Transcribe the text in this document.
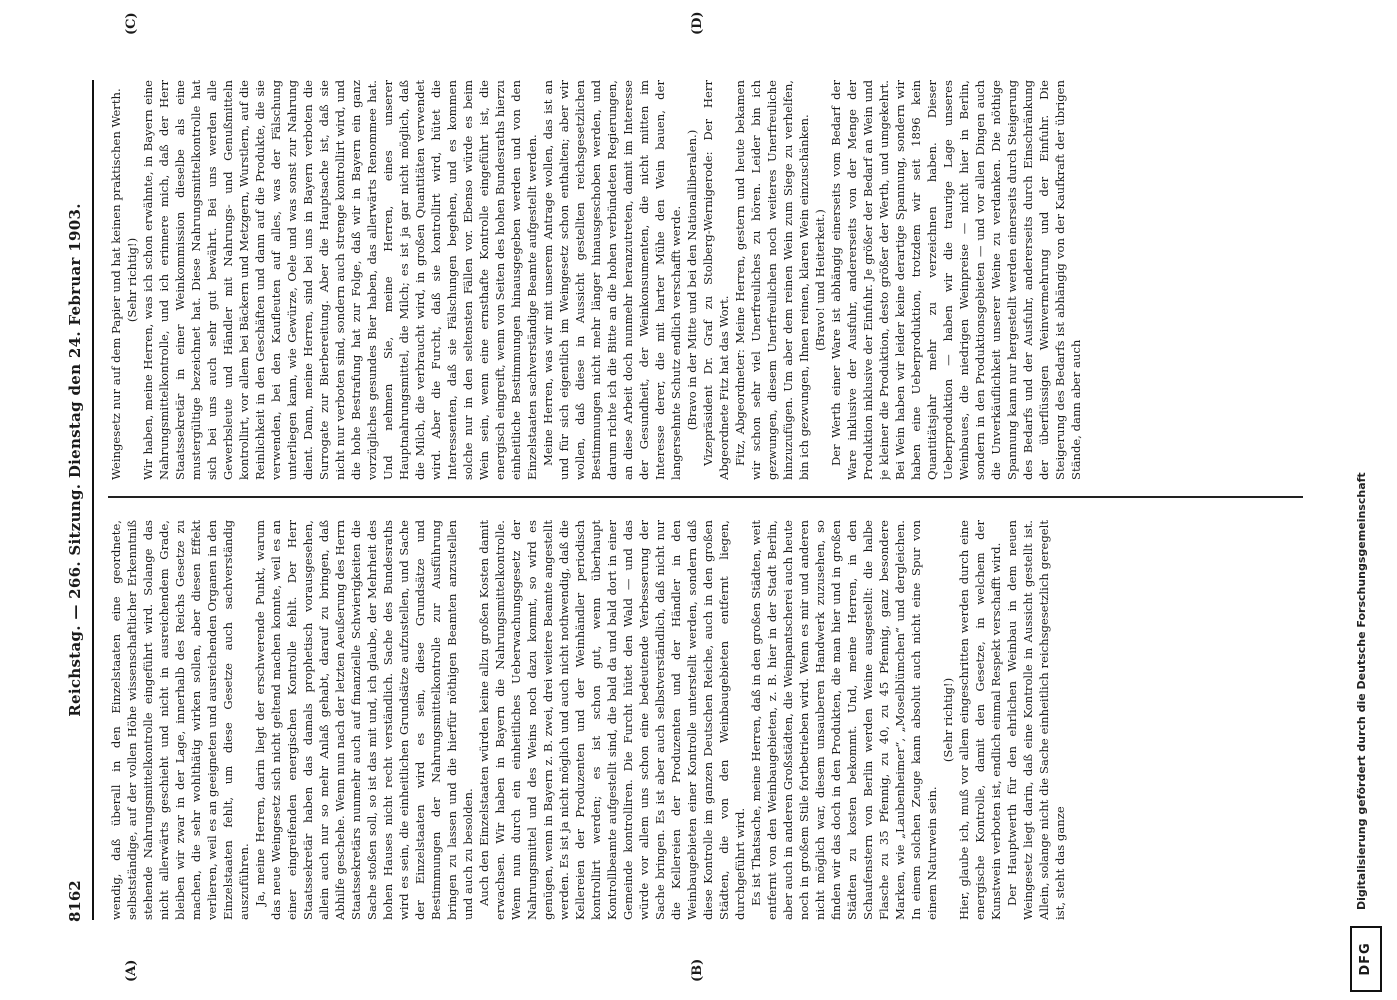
8162
Reichstag. — 266. Sitzung. Dienstag den 24. Februar 1903.
(A)	(B)
(C)	(D)

wendig, daß überall in den Einzelstaaten eine geordnete, selbstständige, auf der vollen Höhe wissenschaftlicher Erkenntniß stehende Nahrungsmittelkontrolle eingeführt wird. Solange das nicht allerwärts geschieht und nicht in ausreichendem Grade, bleiben wir zwar in der Lage, innerhalb des Reichs Gesetze zu machen, die sehr wohlthätig wirken sollen, aber diesen Effekt verlieren, weil es an geeigneten und ausreichenden Organen in den Einzelstaaten fehlt, um diese Gesetze auch sachverständig auszuführen. Ja, meine Herren, darin liegt der erschwerende Punkt, warum das neue Weingesetz sich nicht geltend machen konnte, weil es an einer eingreifenden energischen Kontrolle fehlt. Der Herr Staatssekretär haben das damals prophetisch vorausgesehen, allein auch nur so mehr Anlaß gehabt, darauf zu bringen, daß Abhilfe geschehe. Wenn nun nach der letzten Aeußerung des Herrn Staatssekretärs nunmehr auch auf finanzielle Schwierigkeiten die Sache stoßen soll, so ist das mit und, ich glaube, der Mehrheit des hohen Hauses nicht recht verständlich. Sache des Bundesraths wird es sein, die einheitlichen Grundsätze aufzustellen, und Sache der Einzelstaaten wird es sein, diese Grundsätze und Bestimmungen der Nahrungsmittelkontrolle zur Ausführung bringen zu lassen und die hierfür nöthigen Beamten anzustellen und auch zu besolden. Auch den Einzelstaaten würden keine allzu großen Kosten damit erwachsen. Wir haben in Bayern die Nahrungsmittelkontrolle. Wenn nun durch ein einheitliches Ueberwachungsgesetz der Nahrungsmittel und des Weins noch dazu kommt, so wird es genügen, wenn in Bayern z. B. zwei, drei weitere Beamte angestellt werden. Es ist ja nicht möglich und auch nicht nothwendig, daß die Kellereien der Produzenten und der Weinhändler periodisch kontrollirt werden; es ist schon gut, wenn überhaupt Kontrollbeamte aufgestellt sind, die bald da und bald dort in einer Gemeinde kontrolliren. Die Furcht hütet den Wald — und das würde vor allem uns schon eine bedeutende Verbesserung der Sache bringen. Es ist aber auch selbstverständlich, daß nicht nur die Kellereien der Produzenten und der Händler in den Weinbaugebieten einer Kontrolle unterstellt werden, sondern daß diese Kontrolle im ganzen Deutschen Reiche, auch in den großen Städten, die von den Weinbaugebieten entfernt liegen, durchgeführt wird. Es ist Thatsache, meine Herren, daß in den großen Städten, weit entfernt von den Weinbaugebieten, z. B. hier in der Stadt Berlin, aber auch in anderen Großstädten, die Weinpantscherei auch heute noch in großem Stile fortbetrieben wird. Wenn es mir und anderen nicht möglich war, diesem unsauberen Handwerk zuzusehen, so finden wir das doch in den Produkten, die man hier und in großen Städten zu kosten bekommt. Und, meine Herren, in den Schaufenstern von Berlin werden Weine ausgestellt: die halbe Flasche zu 35 Pfennig, zu 40, zu 45 Pfennig, ganz besondere Marken, wie „Laubenheimer“, „Moselblümchen“ und dergleichen. In einem solchen Zeuge kann absolut auch nicht eine Spur von einem Naturwein sein.

(Sehr richtig!) Hier, glaube ich, muß vor allem eingeschritten werden durch eine energische Kontrolle, damit den Gesetze, in welchem der Kunstwein verboten ist, endlich einmal Respekt verschafft wird. Der Hauptwerth für den ehrlichen Weinbau in dem neuen Weingesetz liegt darin, daß eine Kontrolle in Aussicht gestellt ist. Allein, solange nicht die Sache einheitlich reichsgesetzlich geregelt ist, steht das ganze

Weingesetz nur auf dem Papier und hat keinen praktischen Werth. (Sehr richtig!) Wir haben, meine Herren, was ich schon erwähnte, in Bayern eine Nahrungsmittelkontrolle, und ich erinnere mich, daß der Herr Staatssekretär in einer Weinkommission dieselbe als eine mustergültige bezeichnet hat. Diese Nahrungsmittelkontrolle hat sich bei uns auch sehr gut bewährt. Bei uns werden alle Gewerbsleute und Händler mit Nahrungs- und Genußmitteln kontrollirt, vor allem bei Bäckern und Metzgern, Wurstlern, auf die Reinlichkeit in den Geschäften und dann auf die Produkte, die sie verwenden, bei den Kaufleuten auf alles, was der Fälschung unterliegen kann, wie Gewürze, Oele und was sonst zur Nahrung dient. Dann, meine Herren, sind bei uns in Bayern verboten die Surrogate zur Bierbereitung. Aber die Hauptsache ist, daß sie nicht nur verboten sind, sondern auch strenge kontrollirt wird, und die hohe Bestrafung hat zur Folge, daß wir in Bayern ein ganz vorzügliches gesundes Bier haben, das allerwärts Renommee hat. Und nehmen Sie, meine Herren, eines unserer Hauptnahrungsmittel, die Milch; es ist ja gar nicht möglich, daß die Milch, die verbraucht wird, in großen Quantitäten verwendet wird. Aber die Furcht, daß sie kontrollirt wird, hütet die Interessenten, daß sie Fälschungen begehen, und es kommen solche nur in den seltensten Fällen vor. Ebenso würde es beim Wein sein, wenn eine ernsthafte Kontrolle eingeführt ist, die energisch eingreift, wenn von Seiten des hohen Bundesraths hierzu einheitliche Bestimmungen hinausgegeben werden und von den Einzelstaaten sachverständige Beamte aufgestellt werden. Meine Herren, was wir mit unserem Antrage wollen, das ist an und für sich eigentlich im Weingesetz schon enthalten; aber wir wollen, daß diese in Aussicht gestellten reichsgesetzlichen Bestimmungen nicht mehr länger hinausgeschoben werden, und darum richte ich die Bitte an die hohen verbündeten Regierungen, an diese Arbeit doch nunmehr heranzutreten, damit im Interesse der Gesundheit, der Weinkonsumenten, die nicht mitten im Interesse derer, die mit harter Mühe den Wein bauen, der langersehnte Schutz endlich verschafft werde. (Bravo in der Mitte und bei den Nationalliberalen.) Vizepräsident Dr. Graf zu Stolberg-Wernigerode: Der Herr Abgeordnete Fitz hat das Wort. Fitz, Abgeordneter: Meine Herren, gestern und heute bekamen wir schon sehr viel Unerfreuliches zu hören. Leider bin ich gezwungen, diesem Unerfreulichen noch weiteres Unerfreuliche hinzuzufügen. Um aber dem reinen Wein zum Siege zu verhelfen, bin ich gezwungen, Ihnen reinen, klaren Wein einzuschänken. (Bravo! und Heiterkeit.) Der Werth einer Ware ist abhängig einerseits vom Bedarf der Ware inklusive der Ausfuhr, andererseits von der Menge der Produktion inklusive der Einfuhr. Je größer der Bedarf an Wein und je kleiner die Produktion, desto größer der Werth, und umgekehrt. Bei Wein haben wir leider keine derartige Spannung, sondern wir haben eine Ueberproduktion, trotzdem wir seit 1896 kein Quantitätsjahr mehr zu verzeichnen haben. Dieser Ueberproduktion — haben wir die traurige Lage unseres Weinbaues, die niedrigen Weinpreise — nicht hier in Berlin, sondern in den Produktionsgebieten — und vor allen Dingen auch die Unverkäuflichkeit unserer Weine zu verdanken. Die nöthige Spannung kann nur hergestellt werden einerseits durch Steigerung des Bedarfs und der Ausfuhr, andererseits durch Einschränkung der überflüssigen Weinvermehrung und der Einfuhr. Die Steigerung des Bedarfs ist abhängig von der Kaufkraft der übrigen Stände, dann aber auch

DFG
Digitalisierung gefördert durch die Deutsche Forschungsgemeinschaft
